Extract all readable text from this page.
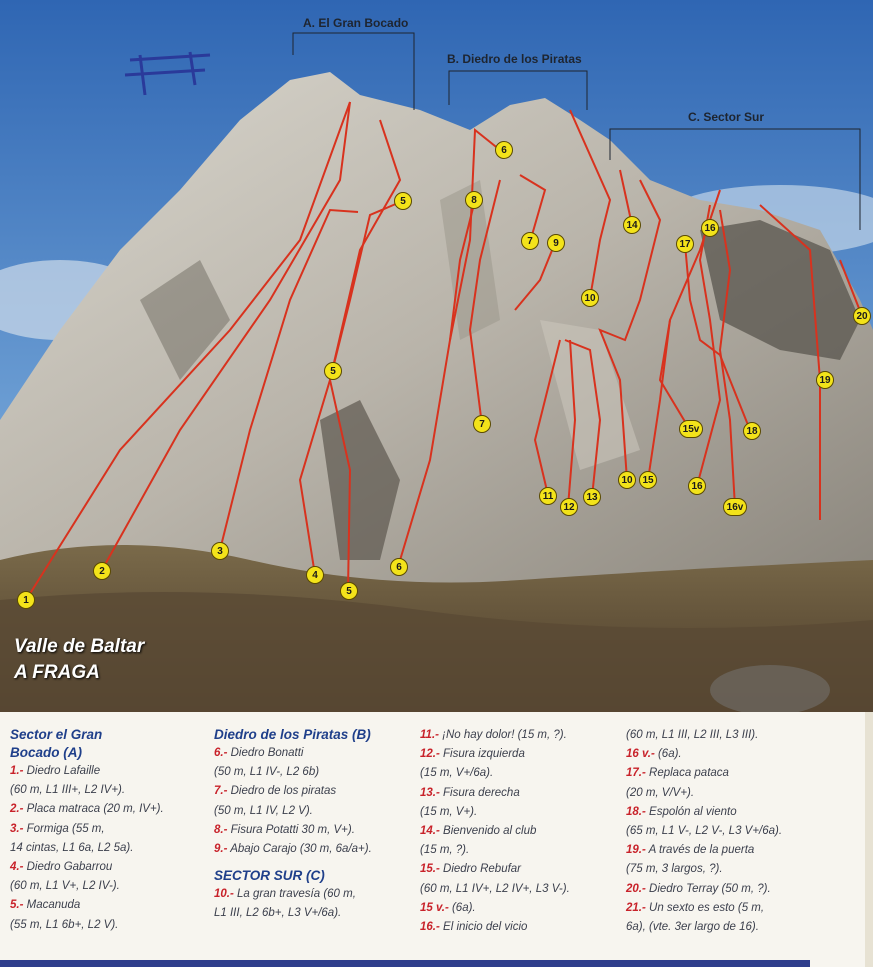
A. El Gran Bocado
B. Diedro de los Piratas
C. Sector Sur
1
2
3
4
5
5
5
6
6
7
7
8
9
10
10
11
12
13
14
15
15v
16
16
16v
17
18
19
20
Valle de Baltar
A FRAGA
Sector el Gran
Bocado (A)
1.- Diedro Lafaille
(60 m, L1 III+, L2 IV+).
2.- Placa matraca (20 m, IV+).
3.- Formiga (55 m,
14 cintas, L1 6a, L2 5a).
4.- Diedro Gabarrou
(60 m, L1 V+, L2 IV-).
5.- Macanuda
(55 m, L1 6b+, L2 V).
Diedro de los Piratas (B)
6.- Diedro Bonatti
(50 m, L1 IV-, L2 6b)
7.- Diedro de los piratas
(50 m, L1 IV, L2 V).
8.- Fisura Potatti 30 m, V+).
9.- Abajo Carajo (30 m, 6a/a+).
SECTOR SUR (C)
10.- La gran travesía (60 m,
L1 III, L2 6b+, L3 V+/6a).
11.- ¡No hay dolor! (15 m, ?).
12.- Fisura izquierda
(15 m, V+/6a).
13.- Fisura derecha
(15 m, V+).
14.- Bienvenido al club
(15 m, ?).
15.- Diedro Rebufar
(60 m, L1 IV+, L2 IV+, L3 V-).
15 v.- (6a).
16.- El inicio del vicio
(60 m, L1 III, L2 III, L3 III).
16 v.- (6a).
17.- Replaca pataca
(20 m, V/V+).
18.- Espolón al viento
(65 m, L1 V-, L2 V-, L3 V+/6a).
19.- A través de la puerta
(75 m, 3 largos, ?).
20.- Diedro Terray (50 m, ?).
21.- Un sexto es esto (5 m,
6a), (vte. 3er largo de 16).
